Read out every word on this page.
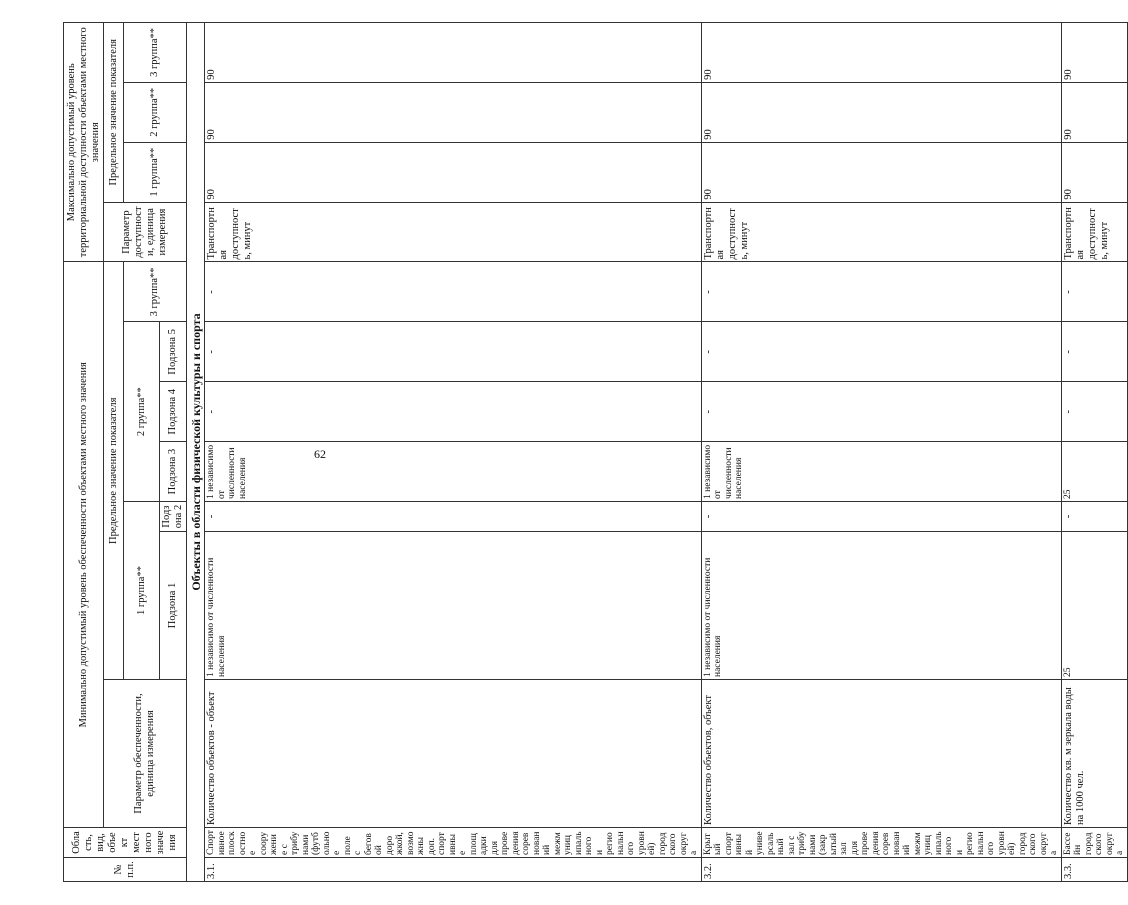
62
№ п.п.	Область, вид, объект местного значения	Минимально допустимый уровень обеспеченности объектами местного значения							Максимально допустимый уровень территориальной доступности объектами местного значения			
		Параметр обеспеченности, единица измерения	Предельное значение показателя						Параметр доступности, единица измерения	Предельное значение показателя		
			1 группа**		2 группа**			3 группа**		1 группа**	2 группа**	3 группа**
			Подзона 1	Подзона 2	Подзона 3	Подзона 4	Подзона 5					
Объекты в области физической культуры и спорта												
3.1.	Спортивное плоскостное сооружение с трибунами (футбольное поле с беговой дорожкой, возможны доп. спортивные площадки для проведения соревнований межмуниципального и регионального уровней) городского округа	Количество объектов - объект	1 независимо от численности населения	-	1 независимо от численности населения	-	-	-	Транспортная доступность, минут	90	90	90
3.2.	Крытый спортивный универсальный зал с трибунами (закрытый зал для проведения соревнований межмуниципального и регионального уровней) городского округа	Количество объектов, объект	1 независимо от численности населения	-	1 независимо от численности населения	-	-	-	Транспортная доступность, минут	90	90	90
3.3.	Бассейн городского округа	Количество кв. м зеркала воды на 1000 чел.	25	-	25	-	-	-	Транспортная доступность, минут	90	90	90
